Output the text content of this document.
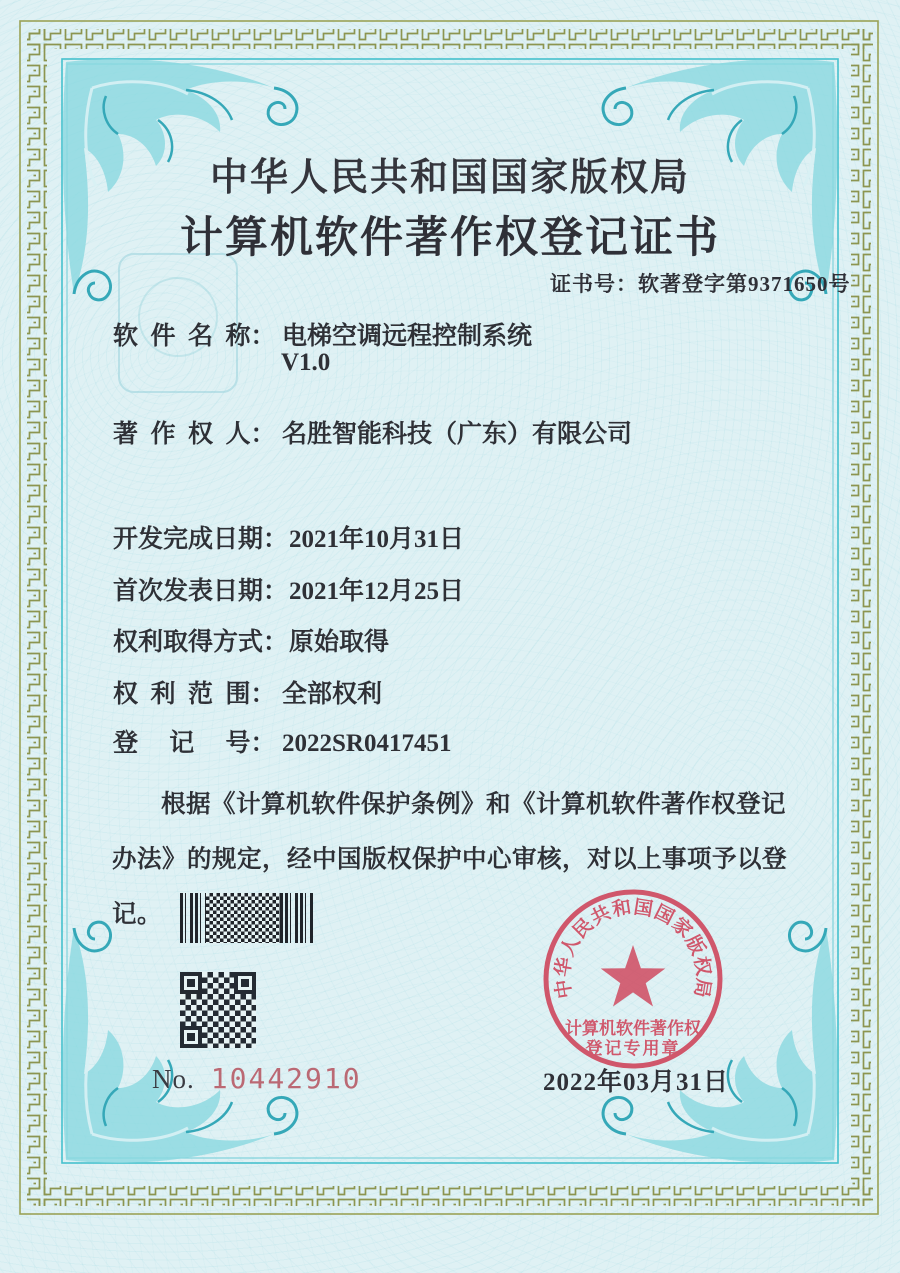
中华人民共和国国家版权局
计算机软件著作权登记证书
证书号：软著登字第9371650号
软  件  名  称： 电梯空调远程控制系统
V1.0
著  作  权  人： 名胜智能科技（广东）有限公司
开发完成日期：2021年10月31日
首次发表日期：2021年12月25日
权利取得方式：原始取得
权  利  范  围： 全部权利
登     记     号： 2022SR0417451
根据《计算机软件保护条例》和《计算机软件著作权登记办法》的规定，经中国版权保护中心审核，对以上事项予以登记。
中华人民共和国国家版权局
计算机软件著作权
登记专用章
No. 10442910	2022年03月31日
